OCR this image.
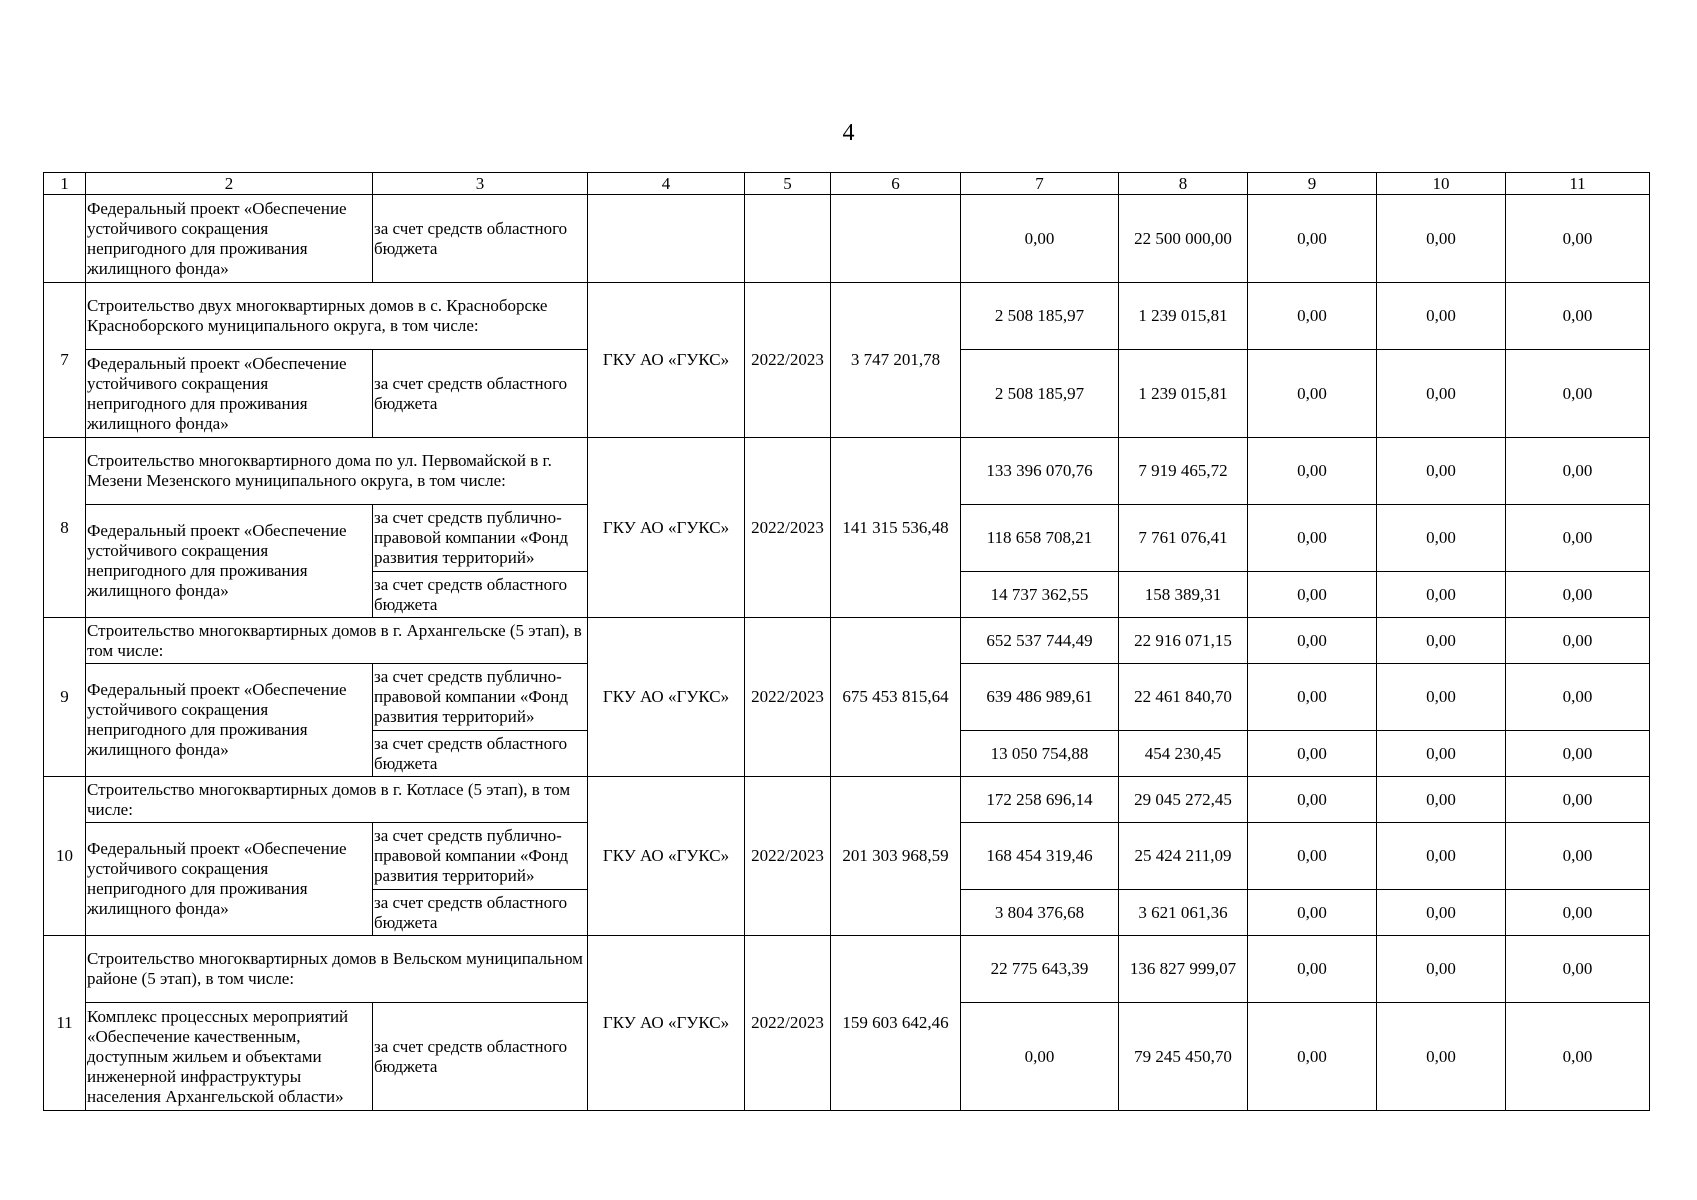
4
1	2	3	4	5	6	7	8	9	10	11
	Федеральный проект «Обеспечение устойчивого сокращения непригодного для проживания жилищного фонда»	за счет средств областного бюджета				0,00	22 500 000,00	0,00	0,00	0,00
7	Строительство двух многоквартирных домов в с. Красноборске Красноборского муниципального округа, в том числе:		ГКУ АО «ГУКС»	2022/2023	3 747 201,78	2 508 185,97	1 239 015,81	0,00	0,00	0,00
	Федеральный проект «Обеспечение устойчивого сокращения непригодного для проживания жилищного фонда»	за счет средств областного бюджета				2 508 185,97	1 239 015,81	0,00	0,00	0,00
8	Строительство многоквартирного дома по ул. Первомайской в г. Мезени Мезенского муниципального округа, в том числе:		ГКУ АО «ГУКС»	2022/2023	141 315 536,48	133 396 070,76	7 919 465,72	0,00	0,00	0,00
	Федеральный проект «Обеспечение устойчивого сокращения непригодного для проживания жилищного фонда»	за счет средств публично-правовой компании «Фонд развития территорий»				118 658 708,21	7 761 076,41	0,00	0,00	0,00
		за счет средств областного бюджета				14 737 362,55	158 389,31	0,00	0,00	0,00
9	Строительство многоквартирных домов в г. Архангельске (5 этап), в том числе:		ГКУ АО «ГУКС»	2022/2023	675 453 815,64	652 537 744,49	22 916 071,15	0,00	0,00	0,00
	Федеральный проект «Обеспечение устойчивого сокращения непригодного для проживания жилищного фонда»	за счет средств публично-правовой компании «Фонд развития территорий»				639 486 989,61	22 461 840,70	0,00	0,00	0,00
		за счет средств областного бюджета				13 050 754,88	454 230,45	0,00	0,00	0,00
10	Строительство многоквартирных домов в г. Котласе (5 этап), в том числе:		ГКУ АО «ГУКС»	2022/2023	201 303 968,59	172 258 696,14	29 045 272,45	0,00	0,00	0,00
	Федеральный проект «Обеспечение устойчивого сокращения непригодного для проживания жилищного фонда»	за счет средств публично-правовой компании «Фонд развития территорий»				168 454 319,46	25 424 211,09	0,00	0,00	0,00
		за счет средств областного бюджета				3 804 376,68	3 621 061,36	0,00	0,00	0,00
11	Строительство многоквартирных домов в Вельском муниципальном районе (5 этап), в том числе:		ГКУ АО «ГУКС»	2022/2023	159 603 642,46	22 775 643,39	136 827 999,07	0,00	0,00	0,00
	Комплекс процессных мероприятий «Обеспечение качественным, доступным жильем и объектами инженерной инфраструктуры населения Архангельской области»	за счет средств областного бюджета				0,00	79 245 450,70	0,00	0,00	0,00
